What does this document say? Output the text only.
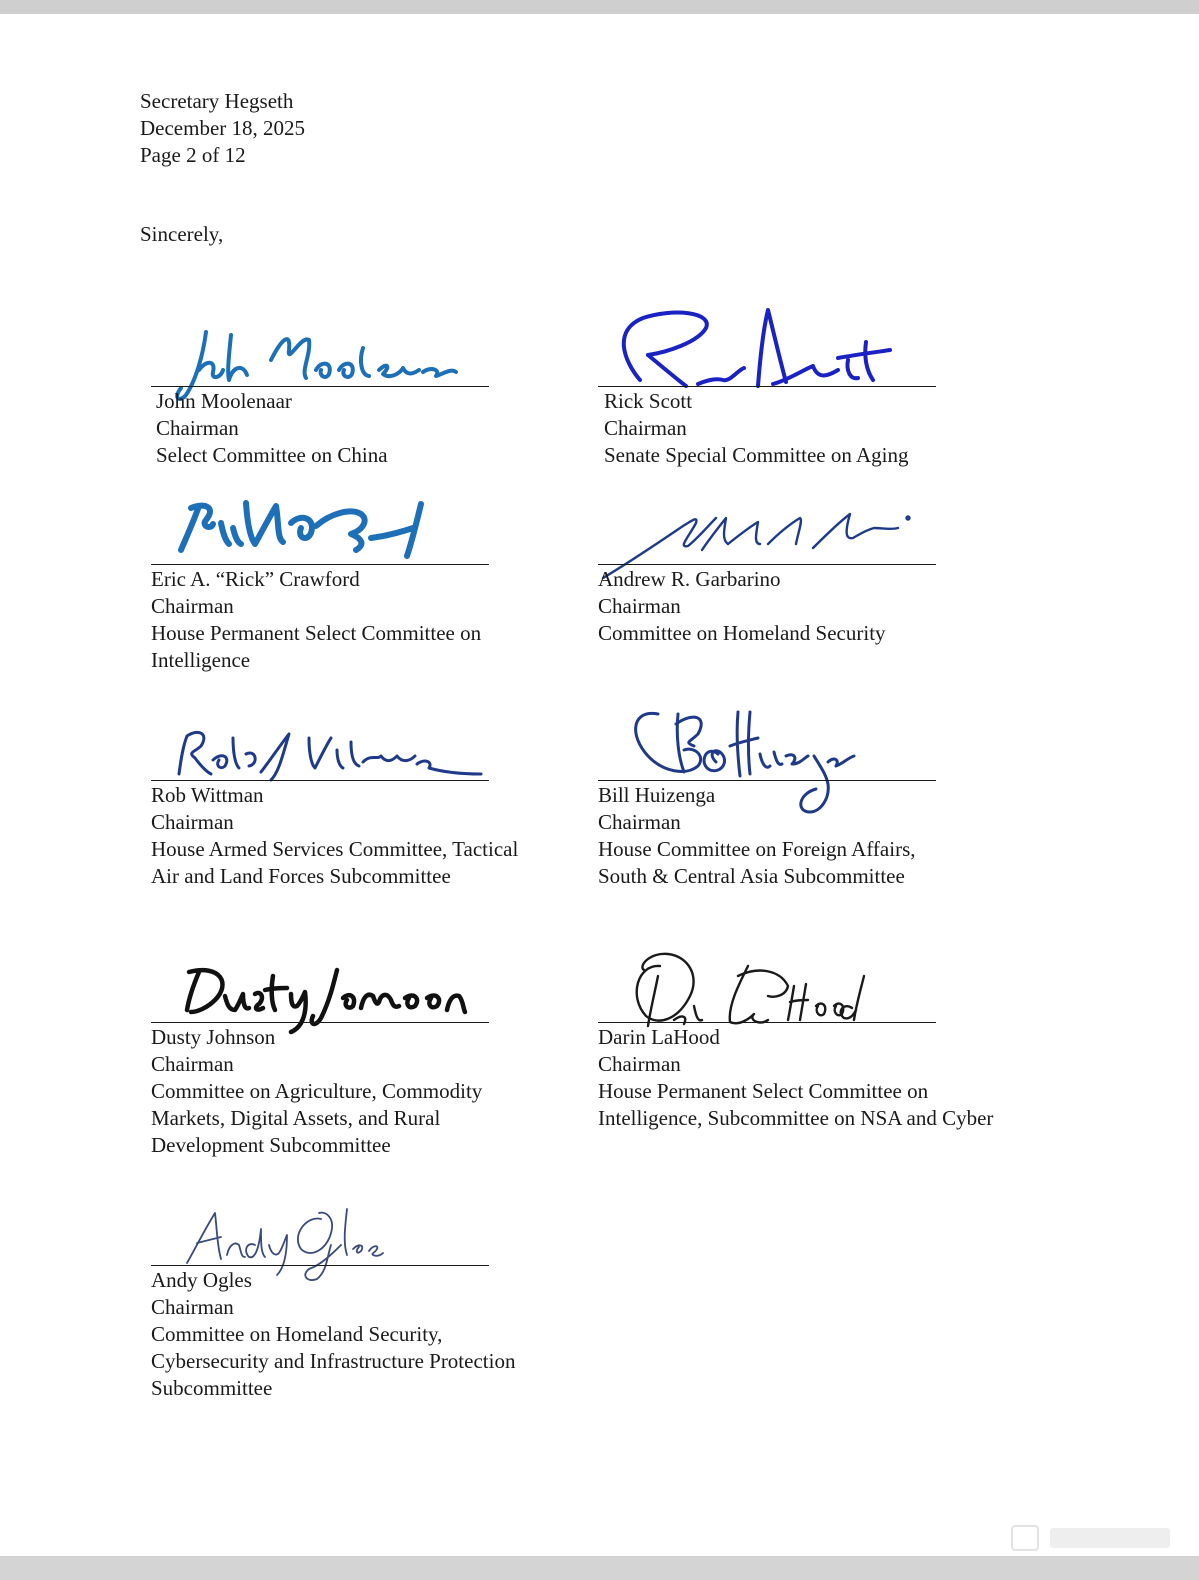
Secretary Hegseth
December 18, 2025
Page 2 of 12
Sincerely,
John Moolenaar
Chairman
Select Committee on China
Rick Scott
Chairman
Senate Special Committee on Aging
Eric A. “Rick” Crawford
Chairman
House Permanent Select Committee on
Intelligence
Andrew R. Garbarino
Chairman
Committee on Homeland Security
Rob Wittman
Chairman
House Armed Services Committee, Tactical
Air and Land Forces Subcommittee
Bill Huizenga
Chairman
House Committee on Foreign Affairs,
South & Central Asia Subcommittee
Dusty Johnson
Chairman
Committee on Agriculture, Commodity
Markets, Digital Assets, and Rural
Development Subcommittee
Darin LaHood
Chairman
House Permanent Select Committee on
Intelligence, Subcommittee on NSA and Cyber
Andy Ogles
Chairman
Committee on Homeland Security,
Cybersecurity and Infrastructure Protection
Subcommittee
